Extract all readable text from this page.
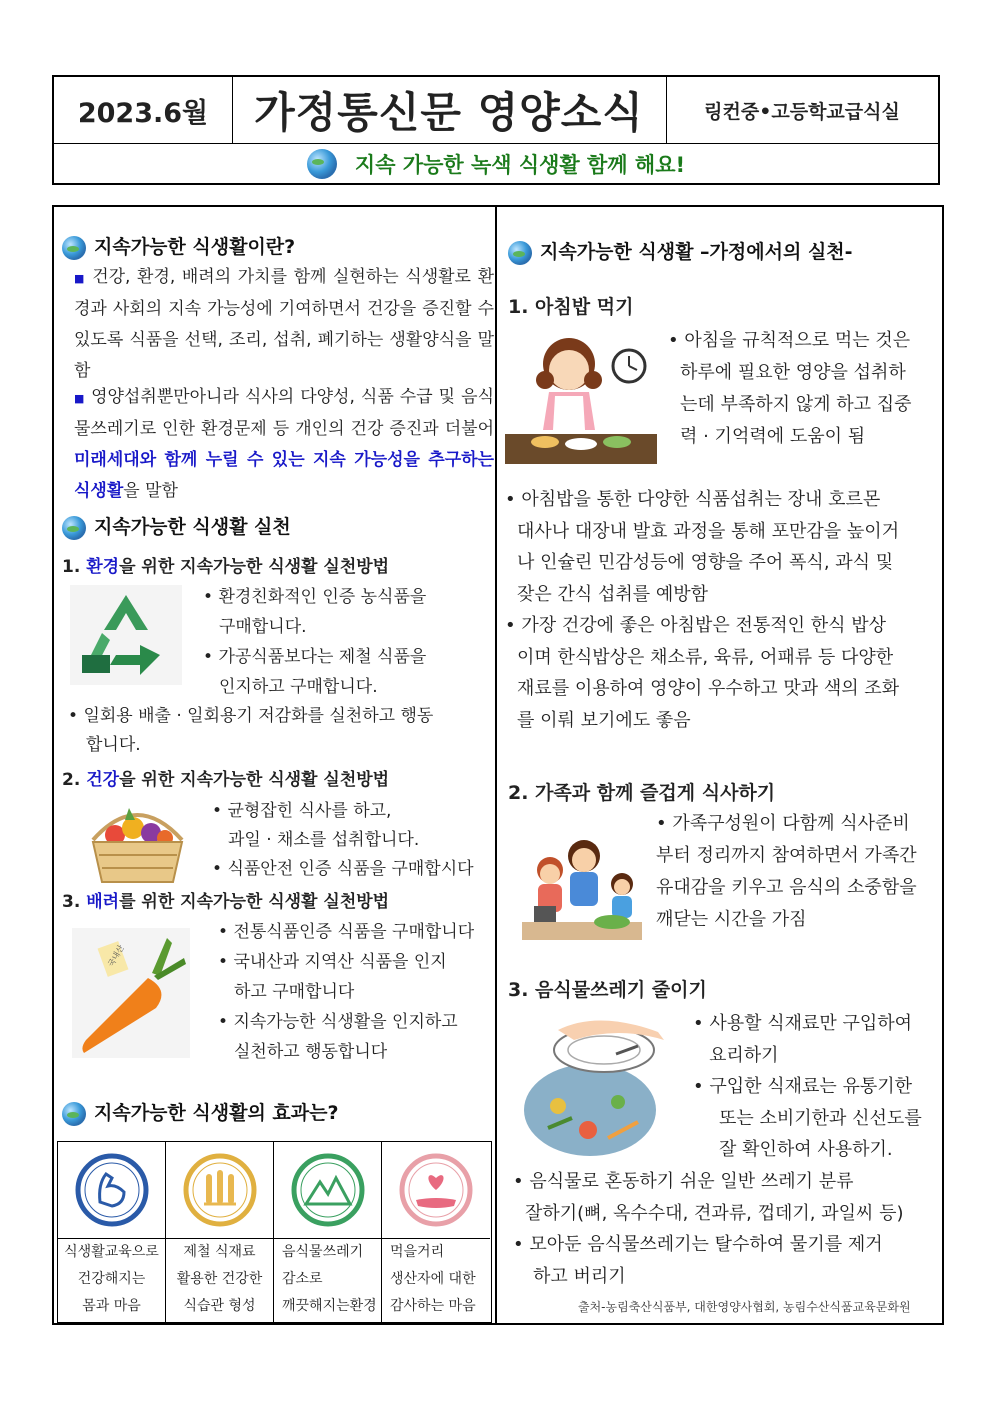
2023.6월	가정통신문 영양소식	링컨중•고등학교급식실
지속 가능한 녹색 식생활 함께 해요!
지속가능한 식생활이란?
■ 건강, 환경, 배려의 가치를 함께 실현하는 식생활로 환경과 사회의 지속 가능성에 기여하면서 건강을 증진할 수 있도록 식품을 선택, 조리, 섭취, 폐기하는 생활양식을 말함
■ 영양섭취뿐만아니라 식사의 다양성, 식품 수급 및 음식물쓰레기로 인한 환경문제 등 개인의 건강 증진과 더불어 미래세대와 함께 누릴 수 있는 지속 가능성을 추구하는 식생활을 말함
지속가능한 식생활 실천
1. 환경을 위한 지속가능한 식생활 실천방법
• 환경친화적인 인증 농식품을
구매합니다.
• 가공식품보다는 제철 식품을
인지하고 구매합니다.
• 일회용 배출 · 일회용기 저감화를 실천하고 행동
합니다.
2. 건강을 위한 지속가능한 식생활 실천방법
• 균형잡힌 식사를 하고,
과일 · 채소를 섭취합니다.
• 식품안전 인증 식품을 구매합시다
3. 배려를 위한 지속가능한 식생활 실천방법
국내산
• 전통식품인증 식품을 구매합니다
• 국내산과 지역산 식품을 인지
하고 구매합니다
• 지속가능한 식생활을 인지하고
실천하고 행동합니다
지속가능한 식생활의 효과는?
식생활교육으로
건강해지는
몸과 마음
제철 식재료
활용한 건강한
식습관 형성
음식물쓰레기
감소로
깨끗해지는환경
먹을거리
생산자에 대한
감사하는 마음
지속가능한 식생활 –가정에서의 실천-
1. 아침밥 먹기
• 아침을 규칙적으로 먹는 것은
하루에 필요한 영양을 섭취하
는데 부족하지 않게 하고 집중
력 · 기억력에 도움이 됨
• 아침밥을 통한 다양한 식품섭취는 장내 호르몬
대사나 대장내 발효 과정을 통해 포만감을 높이거
나 인슐린 민감성등에 영향을 주어 폭식, 과식 및
잦은 간식 섭취를 예방함
• 가장 건강에 좋은 아침밥은 전통적인 한식 밥상
이며 한식밥상은 채소류, 육류, 어패류 등 다양한
재료를 이용하여 영양이 우수하고 맛과 색의 조화
를 이뤄 보기에도 좋음
2. 가족과 함께 즐겁게 식사하기
• 가족구성원이 다함께 식사준비
부터 정리까지 참여하면서 가족간
유대감을 키우고 음식의 소중함을
깨닫는 시간을 가짐
3. 음식물쓰레기 줄이기
• 사용할 식재료만 구입하여
요리하기
• 구입한 식재료는 유통기한
또는 소비기한과 신선도를
잘 확인하여 사용하기.
• 음식물로 혼동하기 쉬운 일반 쓰레기 분류
잘하기(뼈, 옥수수대, 견과류, 껍데기, 과일씨 등)
• 모아둔 음식물쓰레기는 탈수하여 물기를 제거
하고 버리기
출처-농림축산식품부, 대한영양사협회, 농림수산식품교육문화원
